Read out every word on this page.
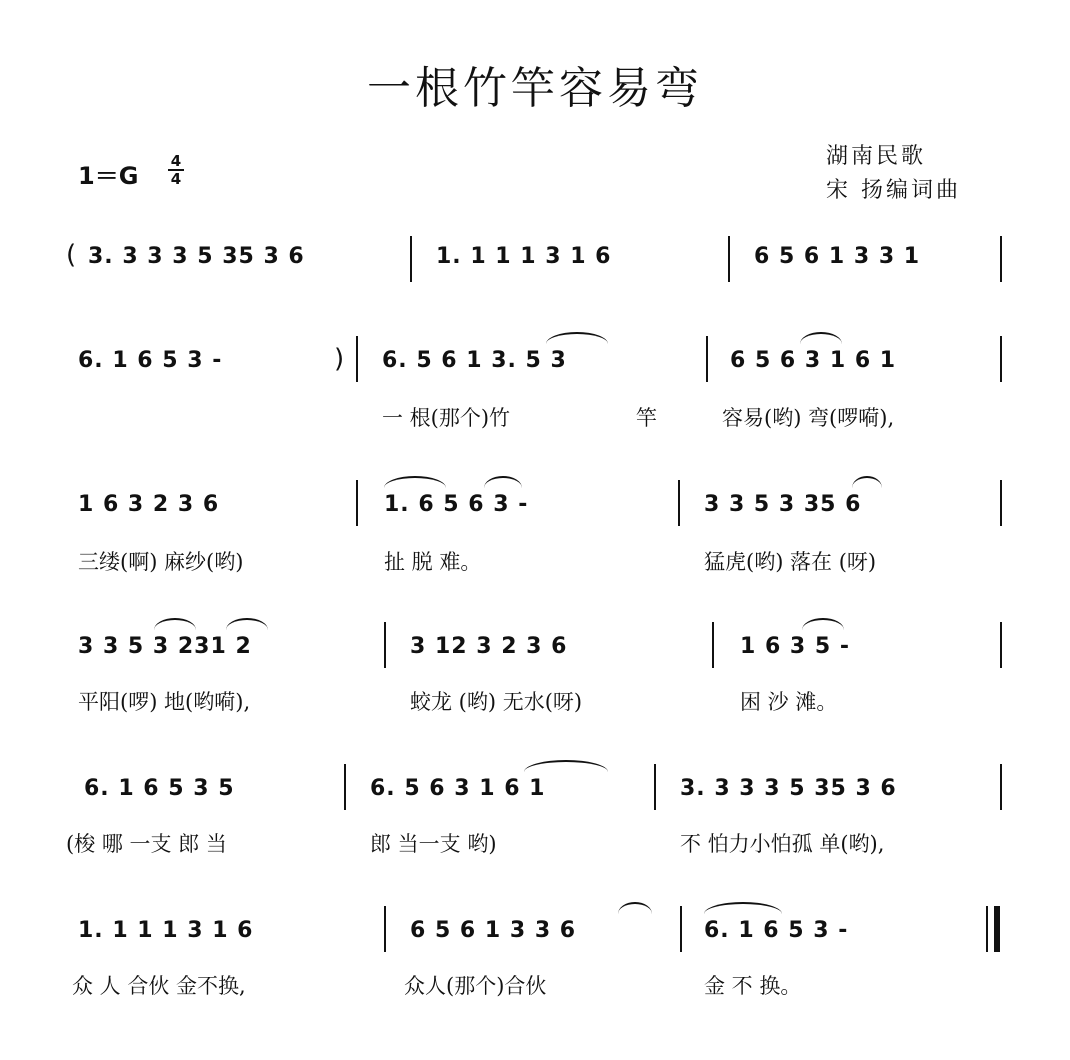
一根竹竿容易弯
1＝G
4
4
湖南民歌
宋 扬编词曲
( 3. 3 3 3 5 35 3 6	1. 1 1 1 3 1 6	6 5 6 1 3 3 1
6. 1 6 5 3 -	) 6. 5 6 1 3. 5 3	6 5 6 3 1 6 1
一 根(那个)竹	竿	容易(哟) 弯(啰嗬),
1 6 3 2 3 6	1. 6 5 6 3 -	3 3 5 3 35 6
三缕(啊) 麻纱(哟)	扯 脱 难。	猛虎(哟) 落在 (呀)
3 3 5 3 231 2	3 12 3 2 3 6	1 6 3 5 -
平阳(啰) 地(哟嗬),	蛟龙 (哟) 无水(呀)	困 沙 滩。
6. 1 6 5 3 5	6. 5 6 3 1 6 1	3. 3 3 3 5 35 3 6
(梭 哪 一支 郎 当	郎 当一支 哟)	不 怕力小怕孤 单(哟),
1. 1 1 1 3 1 6	6 5 6 1 3 3 6	6. 1 6 5 3 -
众 人 合伙 金不换,	众人(那个)合伙	金 不 换。
